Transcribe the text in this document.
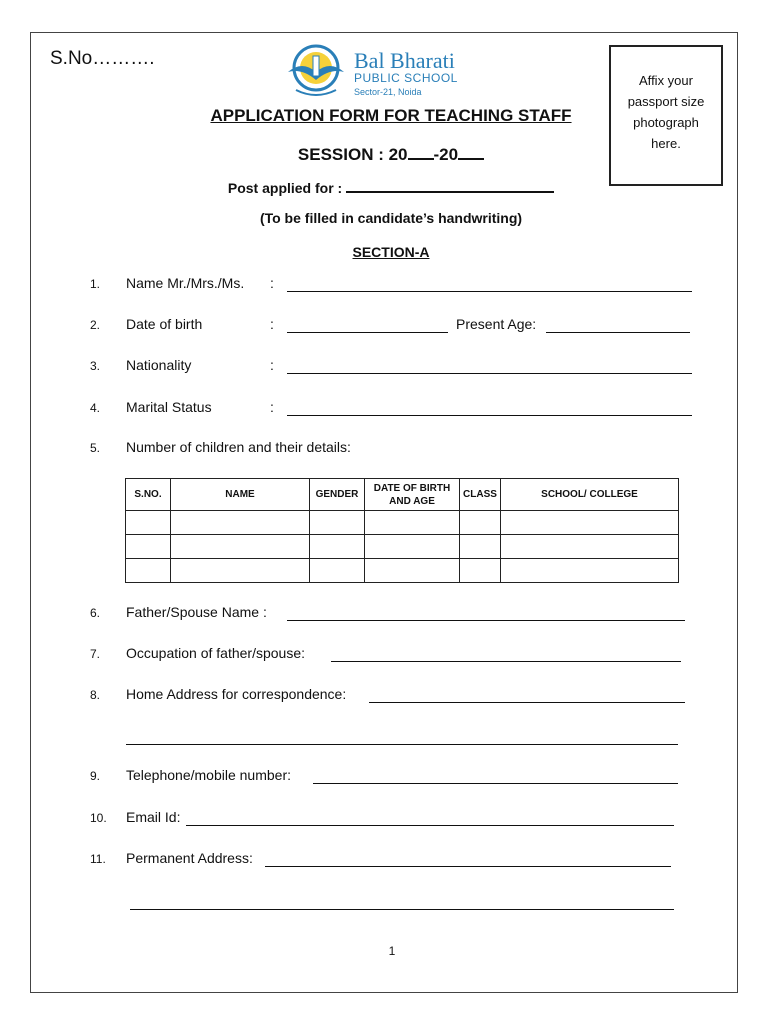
S.No……….	Bal Bharati
PUBLIC SCHOOL
Sector-21, Noida
Affix your
passport size
photograph
here.
APPLICATION FORM FOR TEACHING STAFF
SESSION : 20 -20
Post applied for :
(To be filled in candidate’s handwriting)
SECTION-A
1. Name Mr./Mrs./Ms. :
2. Date of birth	:	Present Age:
3. Nationality	:
4. Marital Status	:
5. Number of children and their details:
S.NO.	NAME	GENDER	DATE OF BIRTH AND AGE	CLASS	SCHOOL/ COLLEGE

6. Father/Spouse Name :
7. Occupation of father/spouse:
8. Home Address for correspondence:
9. Telephone/mobile number:
10. Email Id:
11. Permanent Address:
1
